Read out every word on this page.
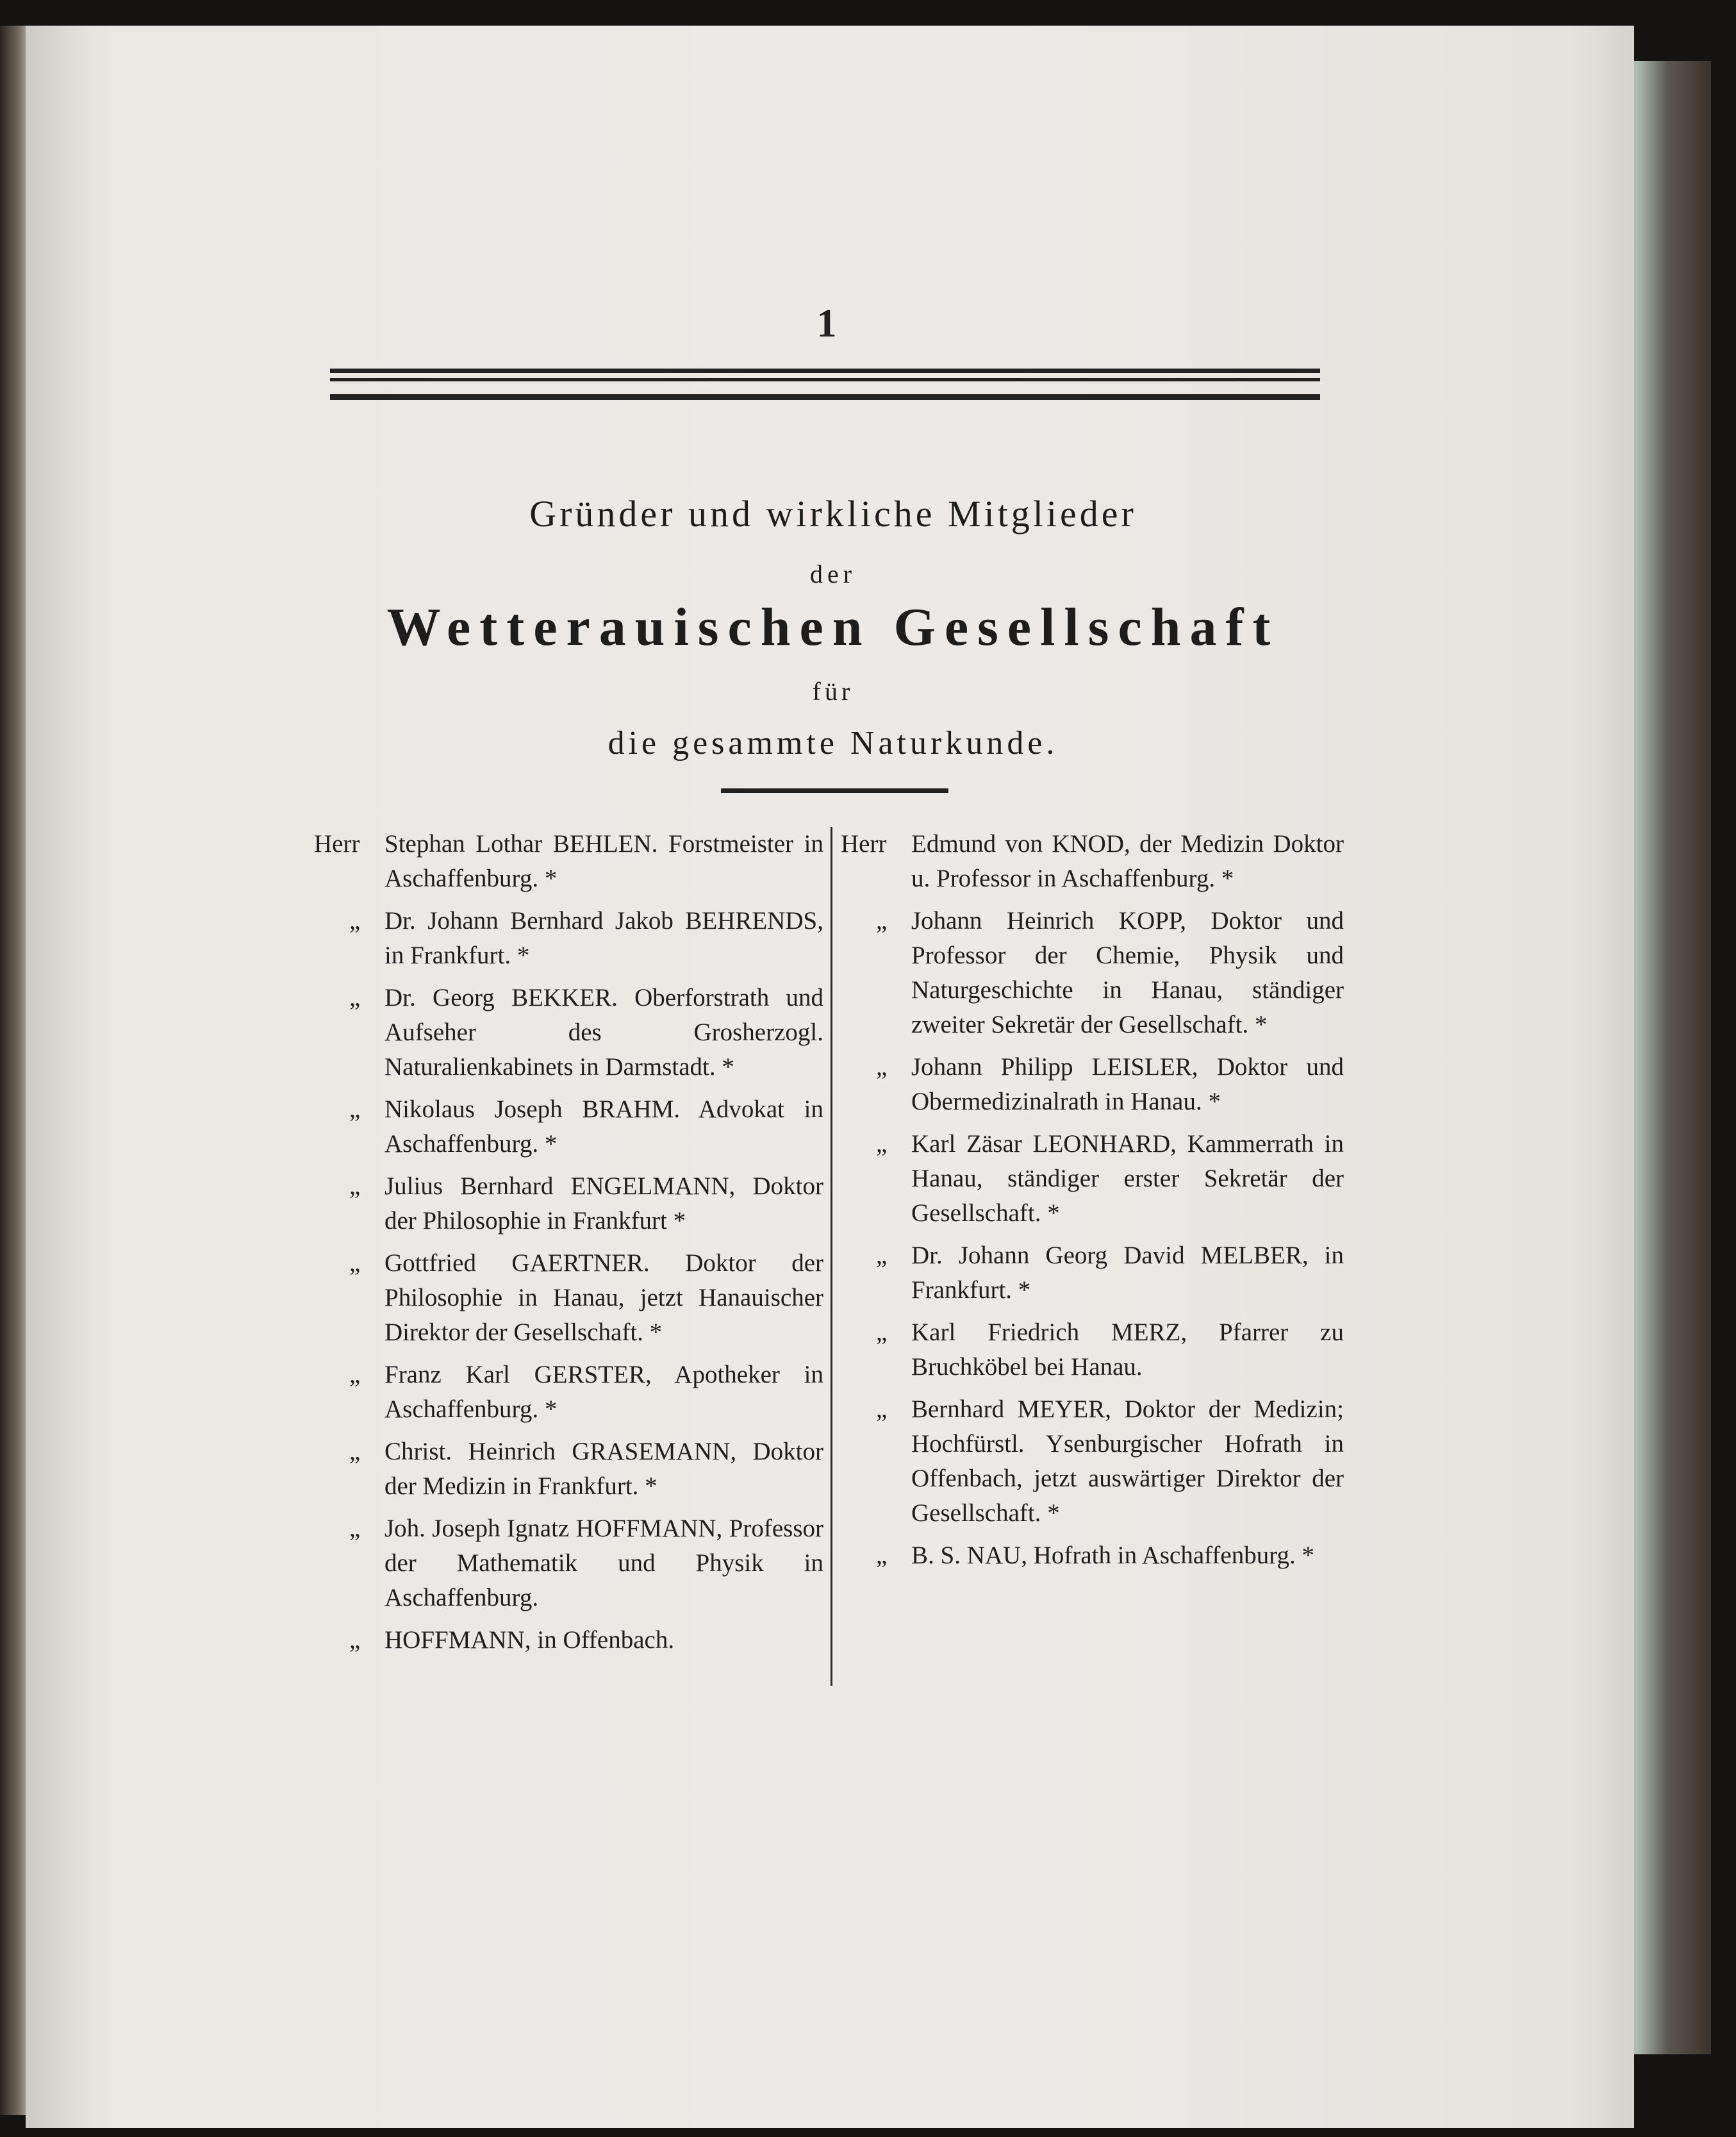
1
Gründer und wirkliche Mitglieder
der
Wetterauischen Gesellschaft
für
die gesammte Naturkunde.
Herr Stephan Lothar BEHLEN. Forstmeister in Aschaffenburg. *
„ Dr. Johann Bernhard Jakob BEHRENDS, in Frankfurt. *
„ Dr. Georg BEKKER. Oberforstrath und Aufseher des Grosherzogl. Naturalienkabinets in Darmstadt. *
„ Nikolaus Joseph BRAHM. Advokat in Aschaffenburg. *
„ Julius Bernhard ENGELMANN, Doktor der Philosophie in Frankfurt *
„ Gottfried GAERTNER. Doktor der Philosophie in Hanau, jetzt Hanauischer Direktor der Gesellschaft. *
„ Franz Karl GERSTER, Apotheker in Aschaffenburg. *
„ Christ. Heinrich GRASEMANN, Doktor der Medizin in Frankfurt. *
„ Joh. Joseph Ignatz HOFFMANN, Professor der Mathematik und Physik in Aschaffenburg.
„ HOFFMANN, in Offenbach.
Herr Edmund von KNOD, der Medizin Doktor u. Professor in Aschaffenburg. *
„ Johann Heinrich KOPP, Doktor und Professor der Chemie, Physik und Naturgeschichte in Hanau, ständiger zweiter Sekretär der Gesellschaft. *
„ Johann Philipp LEISLER, Doktor und Obermedizinalrath in Hanau. *
„ Karl Zäsar LEONHARD, Kammerrath in Hanau, ständiger erster Sekretär der Gesellschaft. *
„ Dr. Johann Georg David MELBER, in Frankfurt. *
„ Karl Friedrich MERZ, Pfarrer zu Bruchköbel bei Hanau.
„ Bernhard MEYER, Doktor der Medizin; Hochfürstl. Ysenburgischer Hofrath in Offenbach, jetzt auswärtiger Direktor der Gesellschaft. *
„ B. S. NAU, Hofrath in Aschaffenburg. *
